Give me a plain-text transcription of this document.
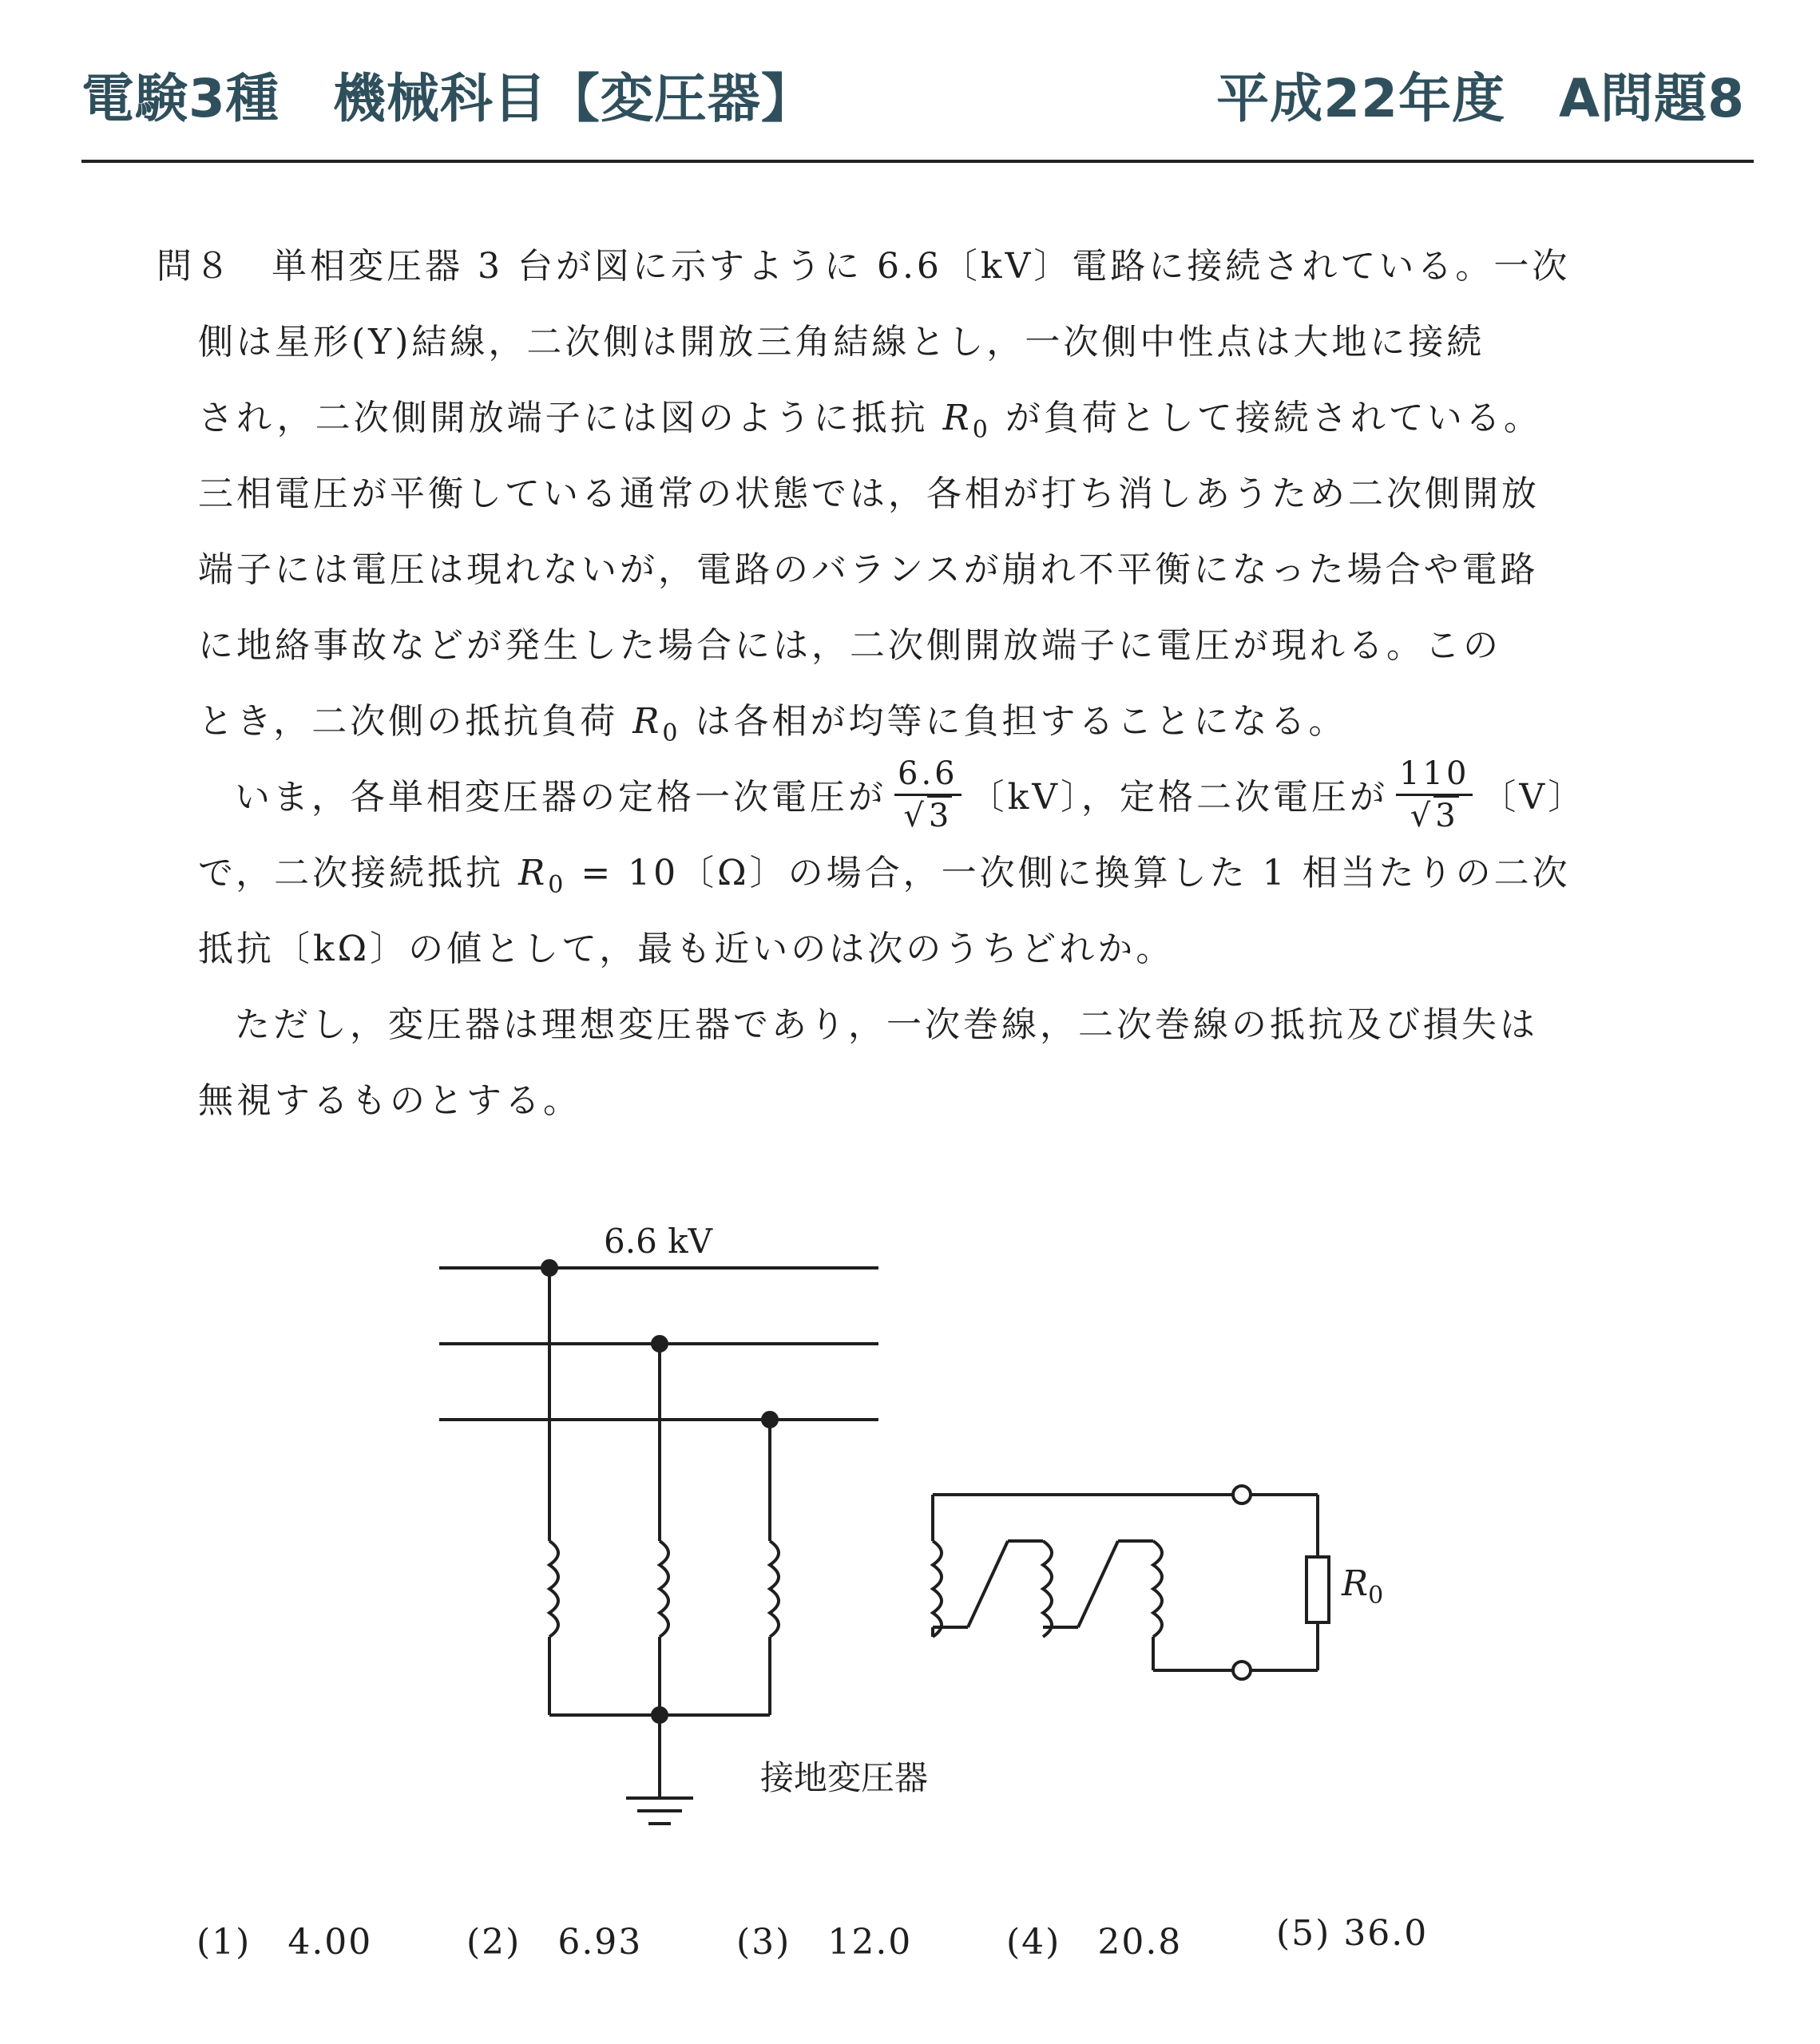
電験3種　機械科目【変圧器】	平成22年度　A問題8
問８　単相変圧器 3 台が図に示すように 6.6〔kV〕電路に接続されている。一次
側は星形(Y)結線，二次側は開放三角結線とし，一次側中性点は大地に接続
され，二次側開放端子には図のように抵抗 $R_0$ が負荷として接続されている。
三相電圧が平衡している通常の状態では，各相が打ち消しあうため二次側開放
端子には電圧は現れないが，電路のバランスが崩れ不平衡になった場合や電路
に地絡事故などが発生した場合には，二次側開放端子に電圧が現れる。この
とき，二次側の抵抗負荷 $R_0$ は各相が均等に負担することになる。
いま，各単相変圧器の定格一次電圧が $\frac{6.6}{√3}$ 〔kV〕，定格二次電圧が $\frac{110}{√3}$ 〔V〕
で，二次接続抵抗 $R_0 = 10$〔Ω〕の場合，一次側に換算した 1 相当たりの二次
抵抗〔kΩ〕の値として，最も近いのは次のうちどれか。
ただし，変圧器は理想変圧器であり，一次巻線，二次巻線の抵抗及び損失は
無視するものとする。
6.6 kV
接地変圧器
$R_0$
(1)　4.00	(2)　6.93	(3)　12.0	(4)　20.8	(5) 36.0
